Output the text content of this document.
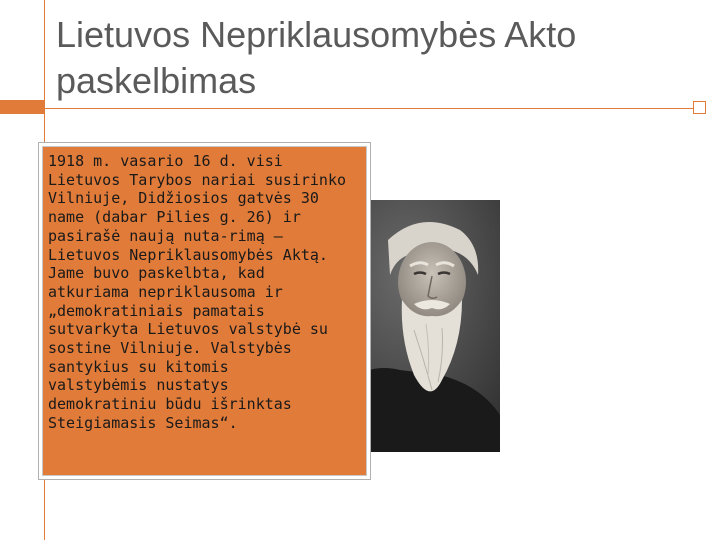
Lietuvos Nepriklausomybės Akto
paskelbimas
1918 m. vasario 16 d. visi
Lietuvos Tarybos nariai susirinko
Vilniuje, Didžiosios gatvės 30
name (dabar Pilies g. 26) ir
pasirašė naują nuta-rimą –
Lietuvos Nepriklausomybės Aktą.
Jame buvo paskelbta, kad
atkuriama nepriklausoma ir
„demokratiniais pamatais
sutvarkyta Lietuvos valstybė su
sostine Vilniuje. Valstybės
santykius su kitomis
valstybėmis nustatys
demokratiniu būdu išrinktas
Steigiamasis Seimas“.
